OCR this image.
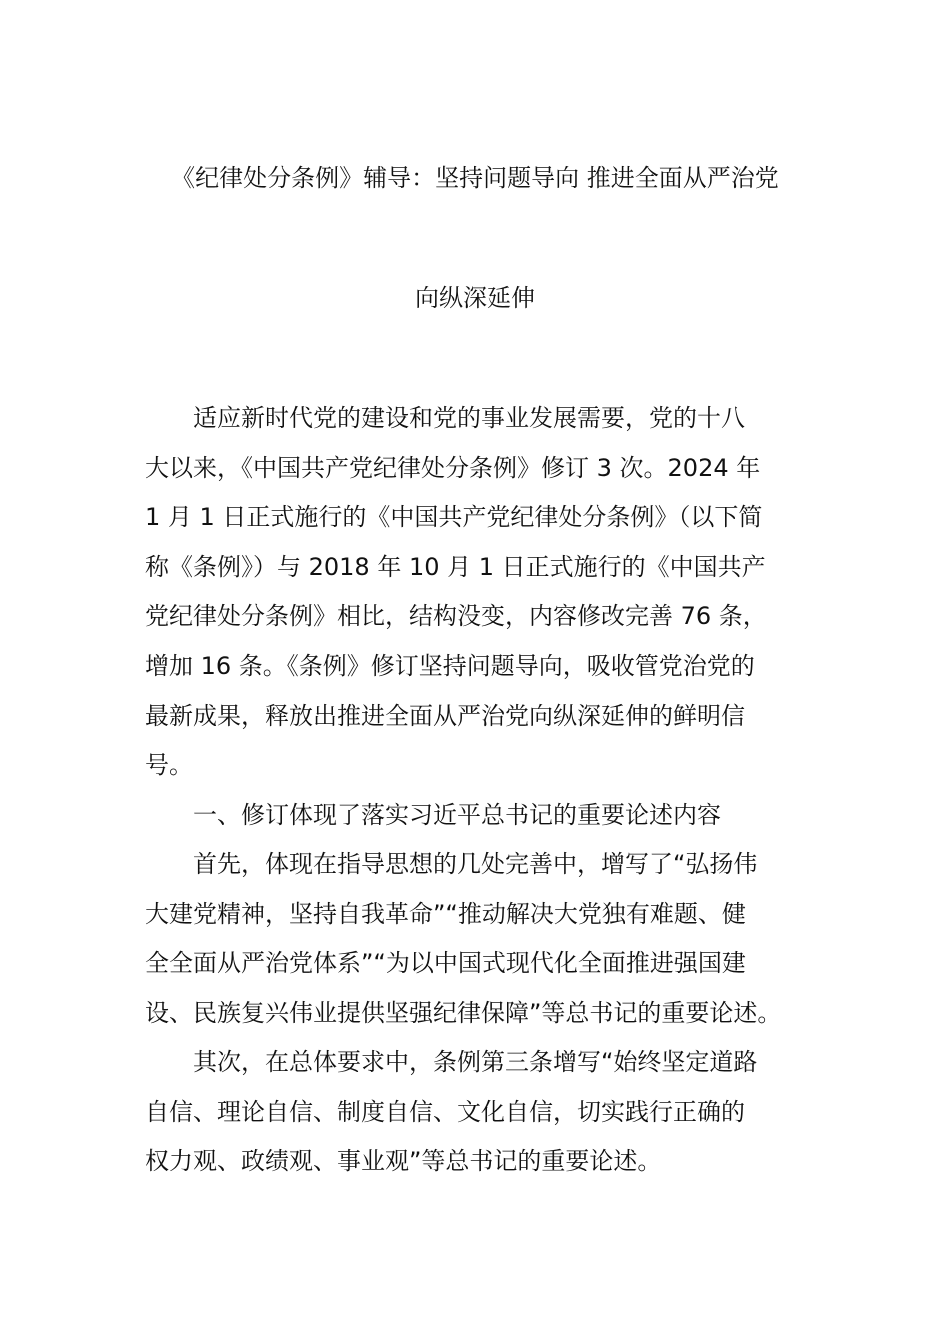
《纪律处分条例》辅导：坚持问题导向 推进全面从严治党
向纵深延伸
　　适应新时代党的建设和党的事业发展需要，党的十八
大以来，《中国共产党纪律处分条例》修订 3 次。2024 年
1 月 1 日正式施行的《中国共产党纪律处分条例》（以下简
称《条例》）与 2018 年 10 月 1 日正式施行的《中国共产
党纪律处分条例》相比，结构没变，内容修改完善 76 条，
增加 16 条。《条例》修订坚持问题导向，吸收管党治党的
最新成果，释放出推进全面从严治党向纵深延伸的鲜明信
号。
　　一、修订体现了落实习近平总书记的重要论述内容
　　首先，体现在指导思想的几处完善中，增写了“弘扬伟
大建党精神，坚持自我革命”“推动解决大党独有难题、健
全全面从严治党体系”“为以中国式现代化全面推进强国建
设、民族复兴伟业提供坚强纪律保障”等总书记的重要论述。
　　其次，在总体要求中，条例第三条增写“始终坚定道路
自信、理论自信、制度自信、文化自信，切实践行正确的
权力观、政绩观、事业观”等总书记的重要论述。
